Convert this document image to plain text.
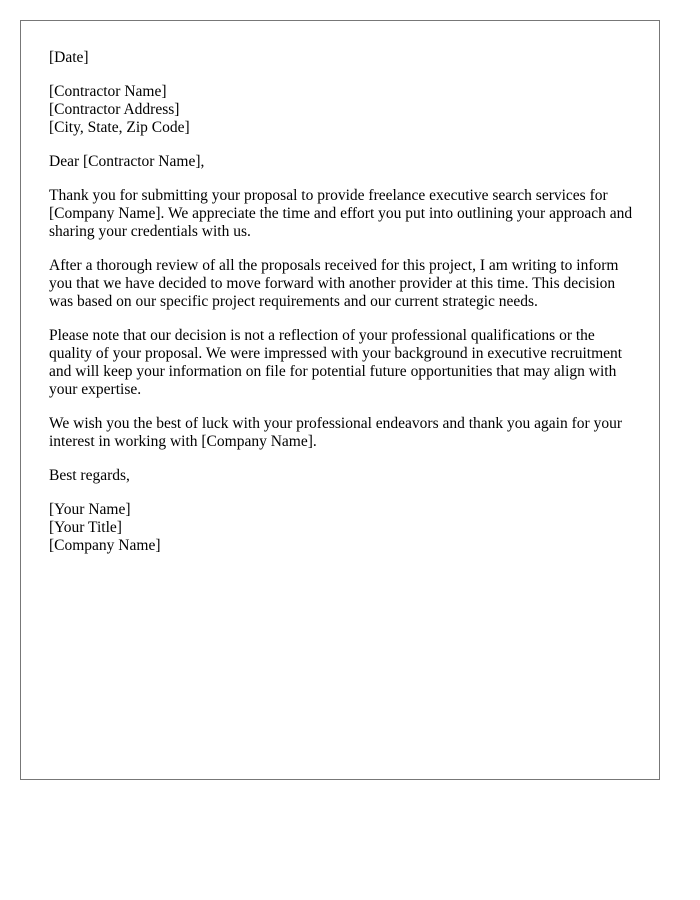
[Date]
[Contractor Name]
[Contractor Address]
[City, State, Zip Code]
Dear [Contractor Name],

Thank you for submitting your proposal to provide freelance executive search services for [Company Name]. We appreciate the time and effort you put into outlining your approach and sharing your credentials with us.

After a thorough review of all the proposals received for this project, I am writing to inform you that we have decided to move forward with another provider at this time. This decision was based on our specific project requirements and our current strategic needs.

Please note that our decision is not a reflection of your professional qualifications or the quality of your proposal. We were impressed with your background in executive recruitment and will keep your information on file for potential future opportunities that may align with your expertise.

We wish you the best of luck with your professional endeavors and thank you again for your interest in working with [Company Name].

Best regards,
[Your Name]
[Your Title]
[Company Name]
